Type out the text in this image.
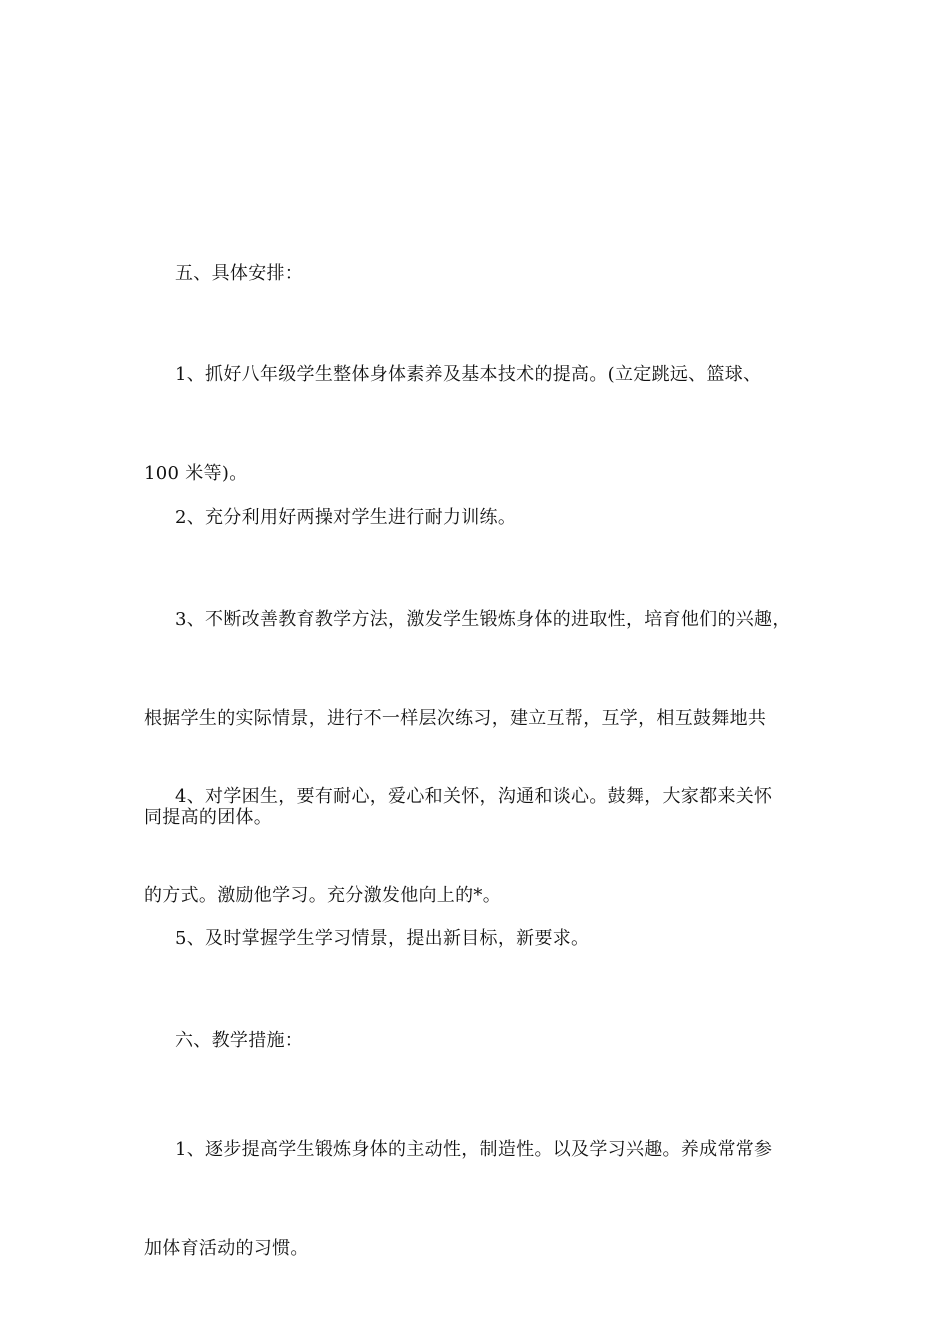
五、具体安排：

1、抓好八年级学生整体身体素养及基本技术的提高。(立定跳远、篮球、

100 米等)。

2、充分利用好两操对学生进行耐力训练。

3、不断改善教育教学方法，激发学生锻炼身体的进取性，培育他们的兴趣，

根据学生的实际情景，进行不一样层次练习，建立互帮，互学，相互鼓舞地共

同提高的团体。

4、对学困生，要有耐心，爱心和关怀，沟通和谈心。鼓舞，大家都来关怀

的方式。激励他学习。充分激发他向上的*。

5、及时掌握学生学习情景，提出新目标，新要求。

六、教学措施：

1、逐步提高学生锻炼身体的主动性，制造性。以及学习兴趣。养成常常参

加体育活动的习惯。
